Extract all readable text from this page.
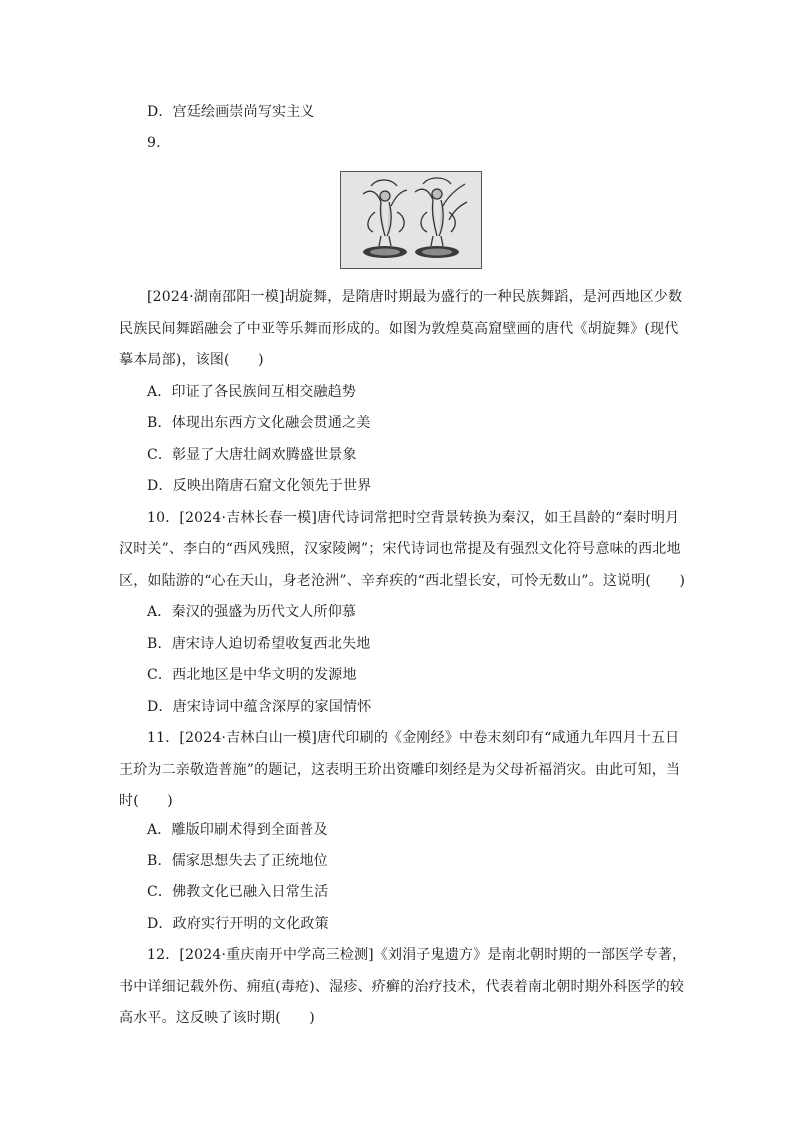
D．宫廷绘画崇尚写实主义
9.
[2024·湖南邵阳一模]胡旋舞，是隋唐时期最为盛行的一种民族舞蹈，是河西地区少数
民族民间舞蹈融会了中亚等乐舞而形成的。如图为敦煌莫高窟壁画的唐代《胡旋舞》(现代
摹本局部)，该图(　　)
A．印证了各民族间互相交融趋势
B．体现出东西方文化融会贯通之美
C．彰显了大唐壮阔欢腾盛世景象
D．反映出隋唐石窟文化领先于世界
10．[2024·吉林长春一模]唐代诗词常把时空背景转换为秦汉，如王昌龄的“秦时明月
汉时关”、李白的“西风残照，汉家陵阙”；宋代诗词也常提及有强烈文化符号意味的西北地
区，如陆游的“心在天山，身老沧洲”、辛弃疾的“西北望长安，可怜无数山”。这说明(　　)
A．秦汉的强盛为历代文人所仰慕
B．唐宋诗人迫切希望收复西北失地
C．西北地区是中华文明的发源地
D．唐宋诗词中蕴含深厚的家国情怀
11．[2024·吉林白山一模]唐代印刷的《金刚经》中卷末刻印有“咸通九年四月十五日
王玠为二亲敬造普施”的题记，这表明王玠出资雕印刻经是为父母祈福消灾。由此可知，当
时(　　)
A．雕版印刷术得到全面普及
B．儒家思想失去了正统地位
C．佛教文化已融入日常生活
D．政府实行开明的文化政策
12．[2024·重庆南开中学高三检测]《刘涓子鬼遗方》是南北朝时期的一部医学专著，
书中详细记载外伤、痈疽(毒疮)、湿疹、疥癣的治疗技术，代表着南北朝时期外科医学的较
高水平。这反映了该时期(　　)
